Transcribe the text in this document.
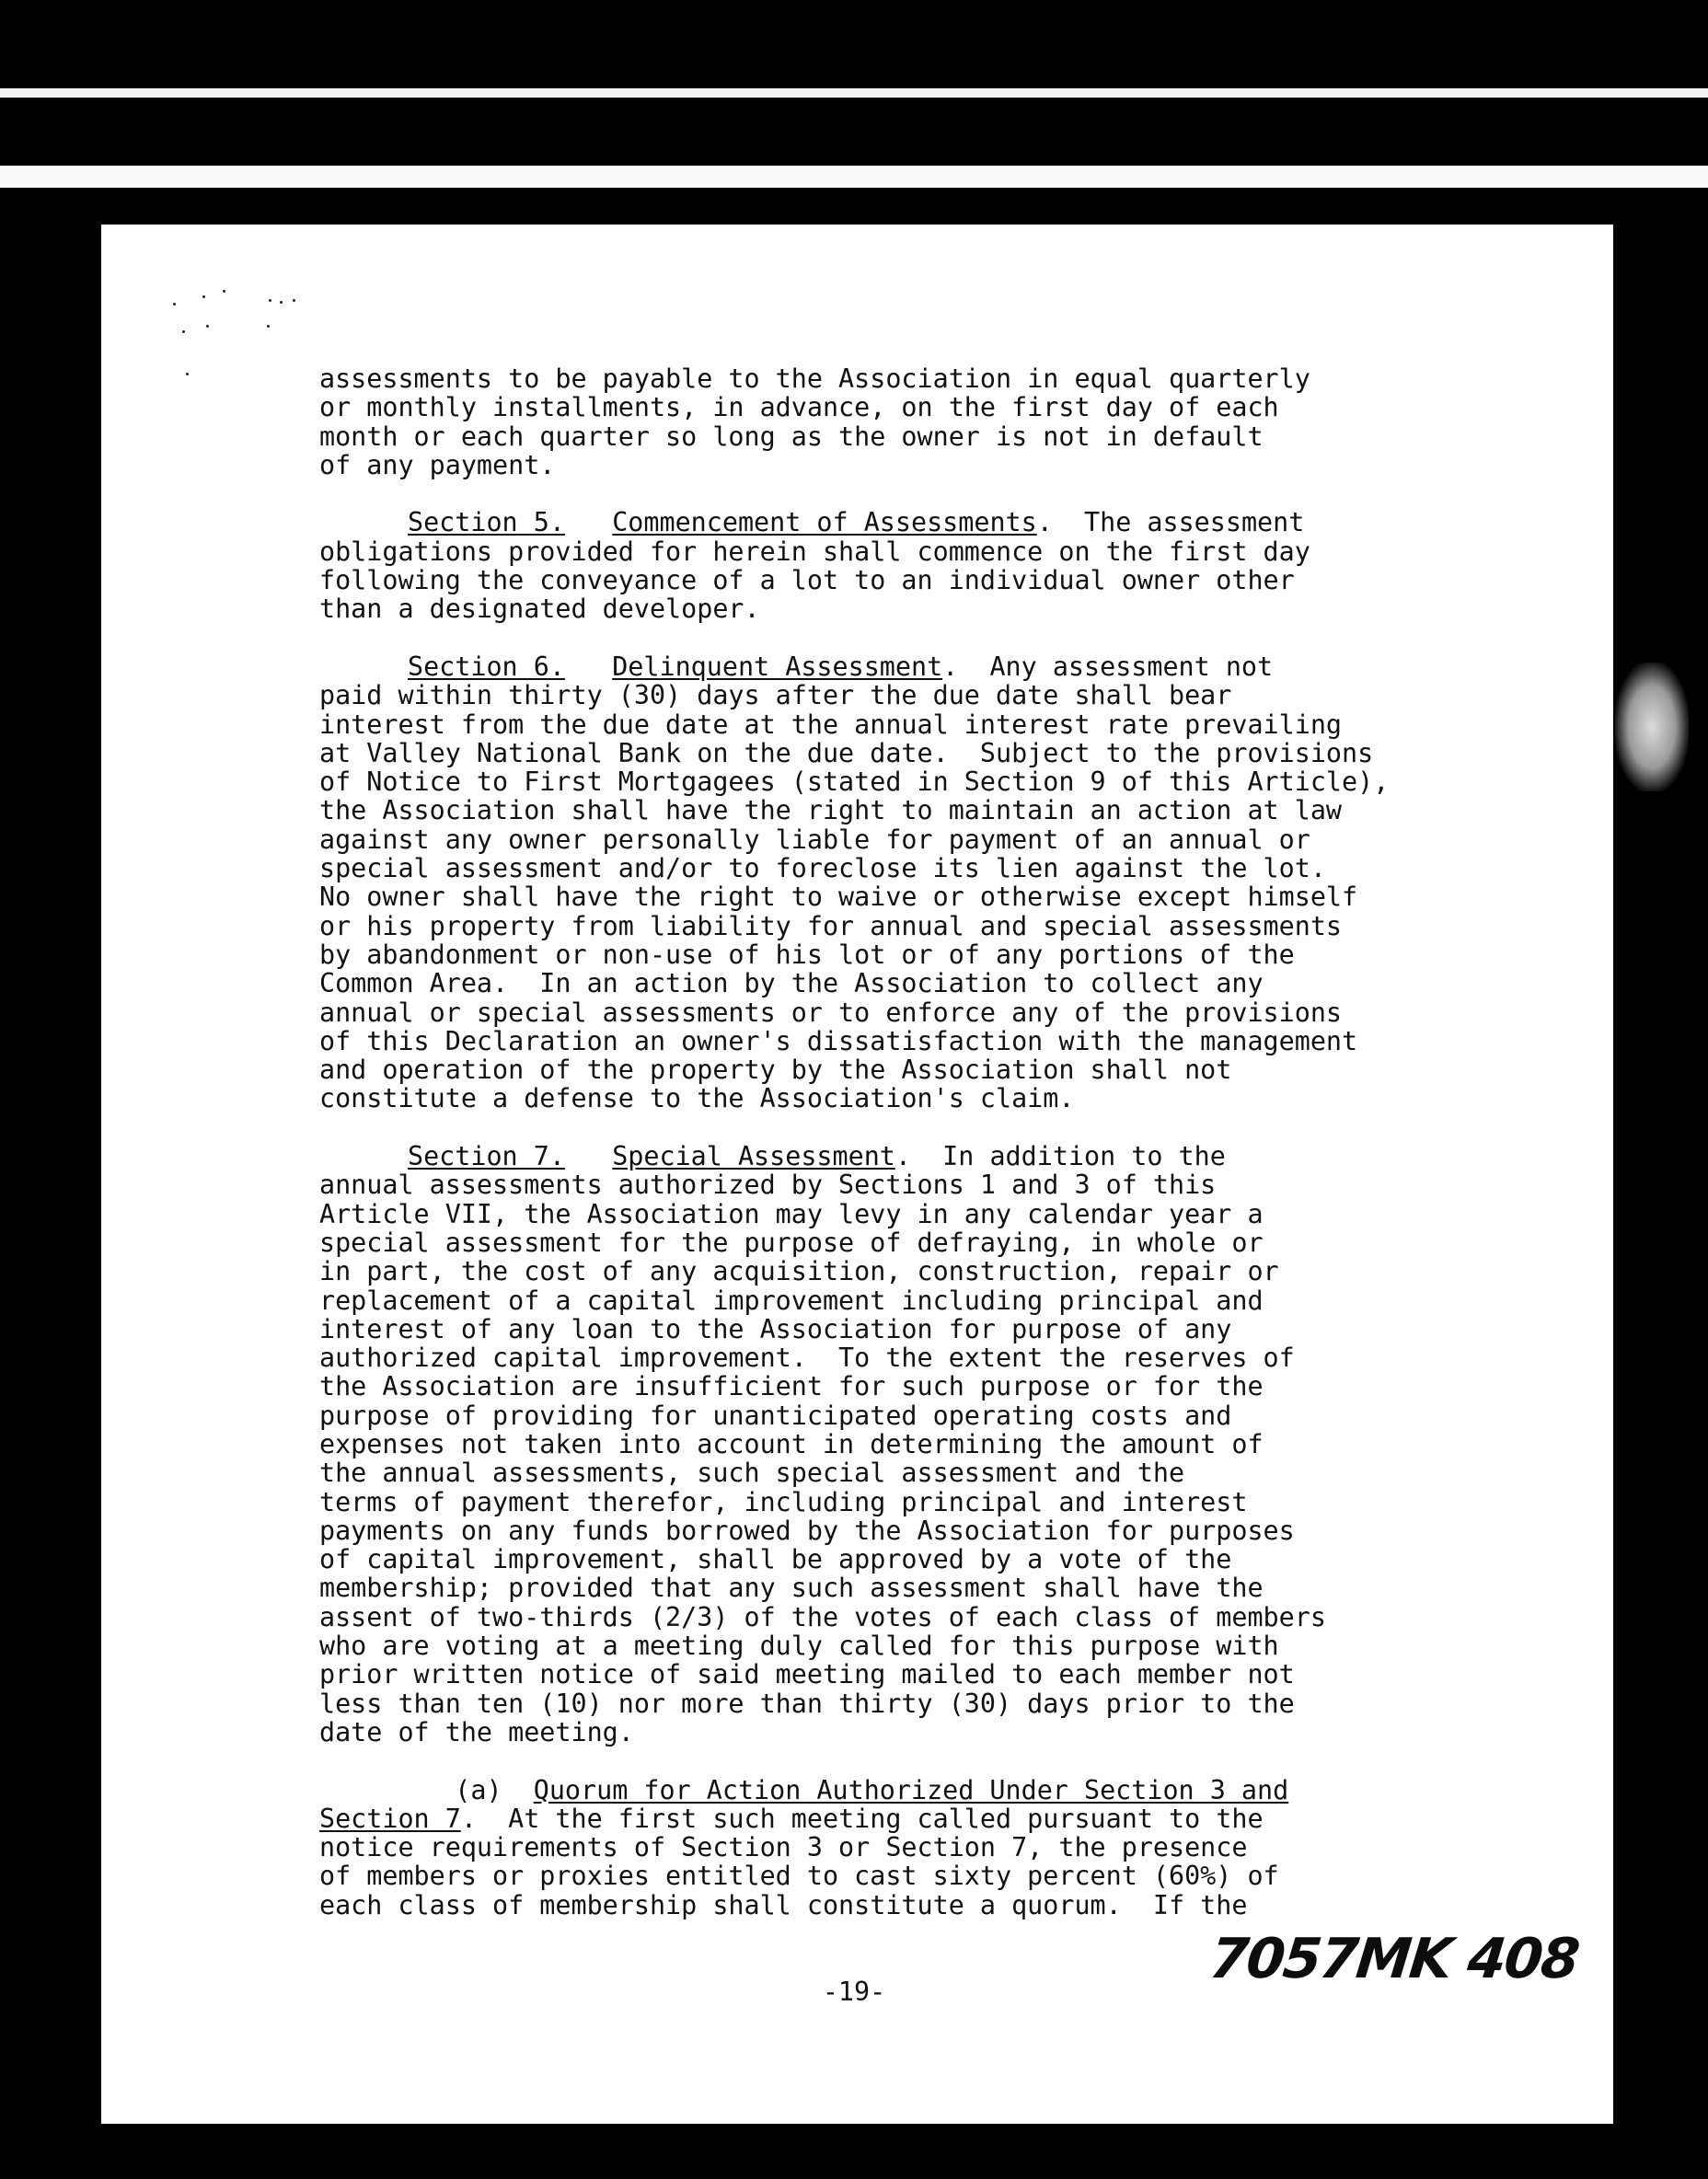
assessments to be payable to the Association in equal quarterly
or monthly installments, in advance, on the first day of each
month or each quarter so long as the owner is not in default
of any payment.
Section 5. Commencement of Assessments.  The assessment
obligations provided for herein shall commence on the first day
following the conveyance of a lot to an individual owner other
than a designated developer.
Section 6. Delinquent Assessment.  Any assessment not
paid within thirty (30) days after the due date shall bear
interest from the due date at the annual interest rate prevailing
at Valley National Bank on the due date.  Subject to the provisions
of Notice to First Mortgagees (stated in Section 9 of this Article),
the Association shall have the right to maintain an action at law
against any owner personally liable for payment of an annual or
special assessment and/or to foreclose its lien against the lot.
No owner shall have the right to waive or otherwise except himself
or his property from liability for annual and special assessments
by abandonment or non-use of his lot or of any portions of the
Common Area.  In an action by the Association to collect any
annual or special assessments or to enforce any of the provisions
of this Declaration an owner's dissatisfaction with the management
and operation of the property by the Association shall not
constitute a defense to the Association's claim.
Section 7. Special Assessment.  In addition to the
annual assessments authorized by Sections 1 and 3 of this
Article VII, the Association may levy in any calendar year a
special assessment for the purpose of defraying, in whole or
in part, the cost of any acquisition, construction, repair or
replacement of a capital improvement including principal and
interest of any loan to the Association for purpose of any
authorized capital improvement.  To the extent the reserves of
the Association are insufficient for such purpose or for the
purpose of providing for unanticipated operating costs and
expenses not taken into account in determining the amount of
the annual assessments, such special assessment and the
terms of payment therefor, including principal and interest
payments on any funds borrowed by the Association for purposes
of capital improvement, shall be approved by a vote of the
membership; provided that any such assessment shall have the
assent of two-thirds (2/3) of the votes of each class of members
who are voting at a meeting duly called for this purpose with
prior written notice of said meeting mailed to each member not
less than ten (10) nor more than thirty (30) days prior to the
date of the meeting.
(a) Quorum for Action Authorized Under Section 3 and
Section 7.  At the first such meeting called pursuant to the
notice requirements of Section 3 or Section 7, the presence
of members or proxies entitled to cast sixty percent (60%) of
each class of membership shall constitute a quorum.  If the
7057MK 408
-19-
